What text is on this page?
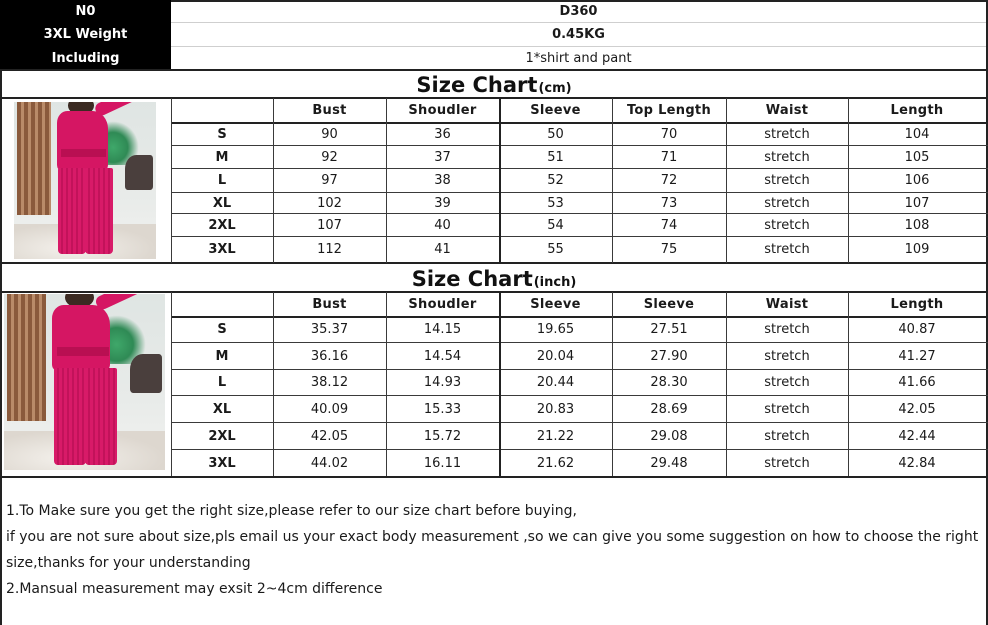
N0	D360
3XL Weight	0.45KG
Including	1*shirt and pant
Size Chart (cm)
Bust	Shoudler	Sleeve	Top Length	Waist	Length
S	90	36	50	70	stretch	104
M	92	37	51	71	stretch	105
L	97	38	52	72	stretch	106
XL	102	39	53	73	stretch	107
2XL	107	40	54	74	stretch	108
3XL	112	41	55	75	stretch	109
Size Chart (inch)
Bust	Shoudler	Sleeve	Sleeve	Waist	Length
S	35.37	14.15	19.65	27.51	stretch	40.87
M	36.16	14.54	20.04	27.90	stretch	41.27
L	38.12	14.93	20.44	28.30	stretch	41.66
XL	40.09	15.33	20.83	28.69	stretch	42.05
2XL	42.05	15.72	21.22	29.08	stretch	42.44
3XL	44.02	16.11	21.62	29.48	stretch	42.84

1.To Make sure you get the right size,please refer to our size chart before buying,

if you are not sure about size,pls email us your exact body measurement ,so we can give you some suggestion on how to choose the right

size,thanks for your understanding

2.Mansual measurement may exsit 2~4cm difference
